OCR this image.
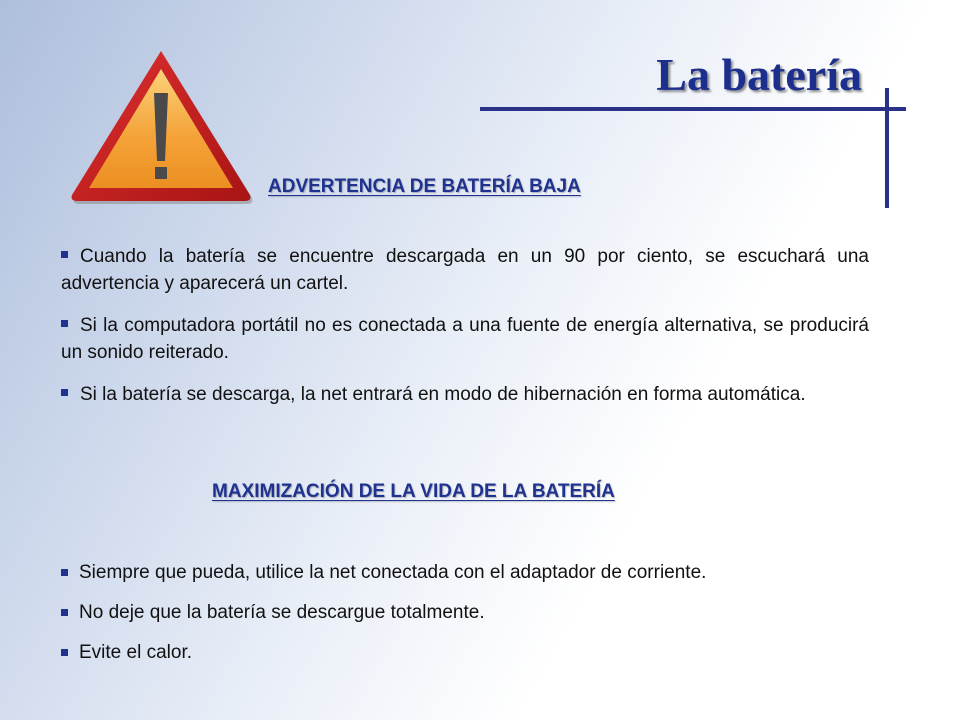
La batería
ADVERTENCIA DE BATERÍA BAJA
Cuando la batería se encuentre descargada en un 90 por ciento, se escuchará una advertencia y aparecerá un cartel.
Si la computadora portátil no es conectada a una fuente de energía alternativa, se producirá un sonido reiterado.
Si la batería se descarga, la net entrará en modo de hibernación en forma automática.
MAXIMIZACIÓN DE LA VIDA DE LA BATERÍA
Siempre que pueda, utilice la net conectada con el adaptador de corriente.
No deje que la batería se descargue totalmente.
Evite el calor.
